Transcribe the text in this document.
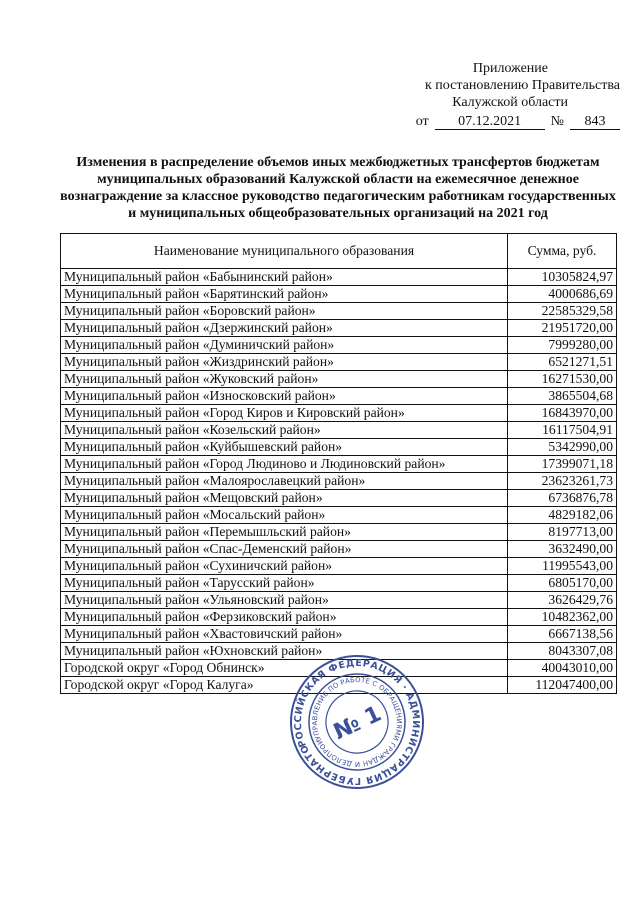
Приложение
к постановлению Правительства
Калужской области
от	07.12.2021	№	843
Изменения в распределение объемов иных межбюджетных трансфертов бюджетам муниципальных образований Калужской области на ежемесячное денежное вознаграждение за классное руководство педагогическим работникам государственных и муниципальных общеобразовательных организаций на 2021 год
Наименование муниципального образования	Сумма, руб.
Муниципальный район «Бабынинский район»	10305824,97
Муниципальный район «Барятинский район»	4000686,69
Муниципальный район «Боровский район»	22585329,58
Муниципальный район «Дзержинский район»	21951720,00
Муниципальный район «Думиничский район»	7999280,00
Муниципальный район «Жиздринский район»	6521271,51
Муниципальный район «Жуковский район»	16271530,00
Муниципальный район «Износковский район»	3865504,68
Муниципальный район «Город Киров и Кировский район»	16843970,00
Муниципальный район «Козельский район»	16117504,91
Муниципальный район «Куйбышевский район»	5342990,00
Муниципальный район «Город Людиново и Людиновский район»	17399071,18
Муниципальный район «Малоярославецкий район»	23623261,73
Муниципальный район «Мещовский район»	6736876,78
Муниципальный район «Мосальский район»	4829182,06
Муниципальный район «Перемышльский район»	8197713,00
Муниципальный район «Спас-Деменский район»	3632490,00
Муниципальный район «Сухиничский район»	11995543,00
Муниципальный район «Тарусский район»	6805170,00
Муниципальный район «Ульяновский район»	3626429,76
Муниципальный район «Ферзиковский район»	10482362,00
Муниципальный район «Хвастовичский район»	6667138,56
Муниципальный район «Юхновский район»	8043307,08
Городской округ «Город Обнинск»	40043010,00
Городской округ «Город Калуга»	112047400,00
РОССИЙСКАЯ ФЕДЕРАЦИЯ · АДМИНИСТРАЦИЯ ГУБЕРНАТОРА
УПРАВЛЕНИЕ ПО РАБОТЕ С ОБРАЩЕНИЯМИ ГРАЖДАН И ДЕЛОПРОИЗВОДСТВУ
№ 1
